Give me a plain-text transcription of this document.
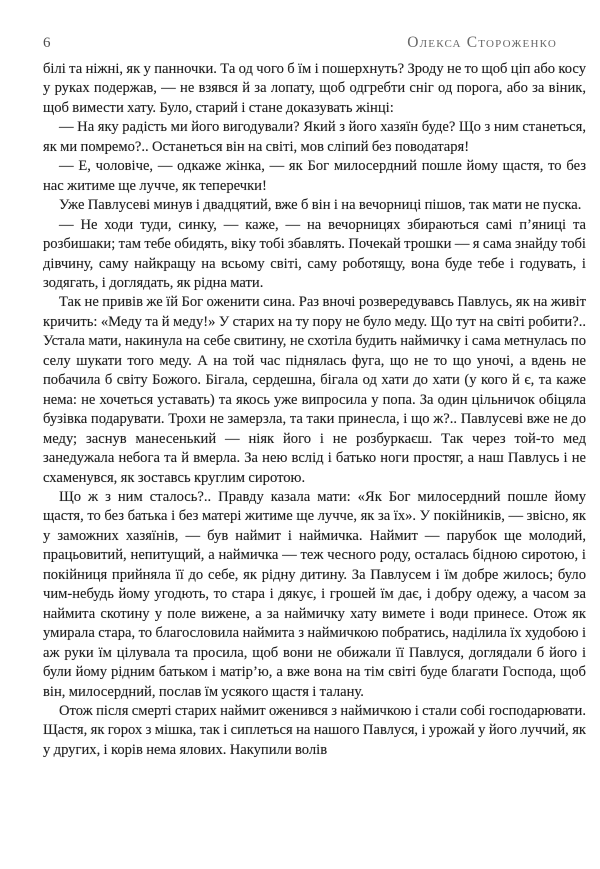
6	Олекса Стороженко

білі та ніжні, як у панночки. Та од чого б їм і пошерхнуть? Зроду не то щоб ціп або косу у руках подержав, — не взявся й за лопату, щоб одгребти сніг од порога, або за віник, щоб вимести хату. Було, старий і стане доказувать жінці:

— На яку радість ми його вигодували? Який з його хазяїн буде? Що з ним станеться, як ми помремо?.. Останеться він на світі, мов сліпий без поводатаря!

— Е, чоловіче, — одкаже жінка, — як Бог милосердний пошле йому щастя, то без нас житиме ще лучче, як теперечки!

Уже Павлусеві минув і двадцятий, вже б він і на вечорниці пішов, так мати не пуска.

— Не ходи туди, синку, — каже, — на вечорницях збираються самі п’яниці та розбишаки; там тебе обидять, віку тобі збавлять. Почекай трошки — я сама знайду тобі дівчину, саму найкращу на всьому світі, саму роботящу, вона буде тебе і годувать, і зодягать, і доглядать, як рідна мати.

Так не привів же їй Бог оженити сина. Раз вночі розвередувавсь Павлусь, як на живіт кричить: «Меду та й меду!» У старих на ту пору не було меду. Що тут на світі робити?.. Устала мати, накинула на себе свитину, не схотіла будить наймичку і сама метнулась по селу шукати того меду. А на той час піднялась фуга, що не то що уночі, а вдень не побачила б світу Божого. Бігала, сердешна, бігала од хати до хати (у кого й є, та каже нема: не хочеться уставать) та якось уже випросила у попа. За один цільничок обіцяла бузівка подарувати. Трохи не замерзла, та таки принесла, і що ж?.. Павлусеві вже не до меду; заснув манесенький — ніяк його і не розбуркаєш. Так через той-то мед занедужала небога та й вмерла. За нею вслід і батько ноги простяг, а наш Павлусь і не схаменувся, як зоставсь круглим сиротою.

Що ж з ним сталось?.. Правду казала мати: «Як Бог милосердний пошле йому щастя, то без батька і без матері житиме ще лучче, як за їх». У покійників, — звісно, як у заможних хазяїнів, — був наймит і наймичка. Наймит — парубок ще молодий, працьовитий, непитущий, а наймичка — теж чесного роду, осталась бідною сиротою, і покійниця прийняла її до себе, як рідну дитину. За Павлусем і їм добре жилось; було чим-небудь йому угодють, то стара і дякує, і грошей їм дає, і добру одежу, а часом за наймита скотину у поле вижене, а за наймичку хату вимете і води принесе. Отож як умирала стара, то благословила наймита з наймичкою побратись, наділила їх худобою і аж руки їм цілувала та просила, щоб вони не обижали її Павлуся, доглядали б його і були йому рідним батьком і матір’ю, а вже вона на тім світі буде благати Господа, щоб він, милосердний, послав їм усякого щастя і талану.

Отож після смерті старих наймит оженився з наймичкою і стали собі господарювати. Щастя, як горох з мішка, так і сиплеться на нашого Павлуся, і урожай у його луччий, як у других, і корів нема ялових. Накупили волів
